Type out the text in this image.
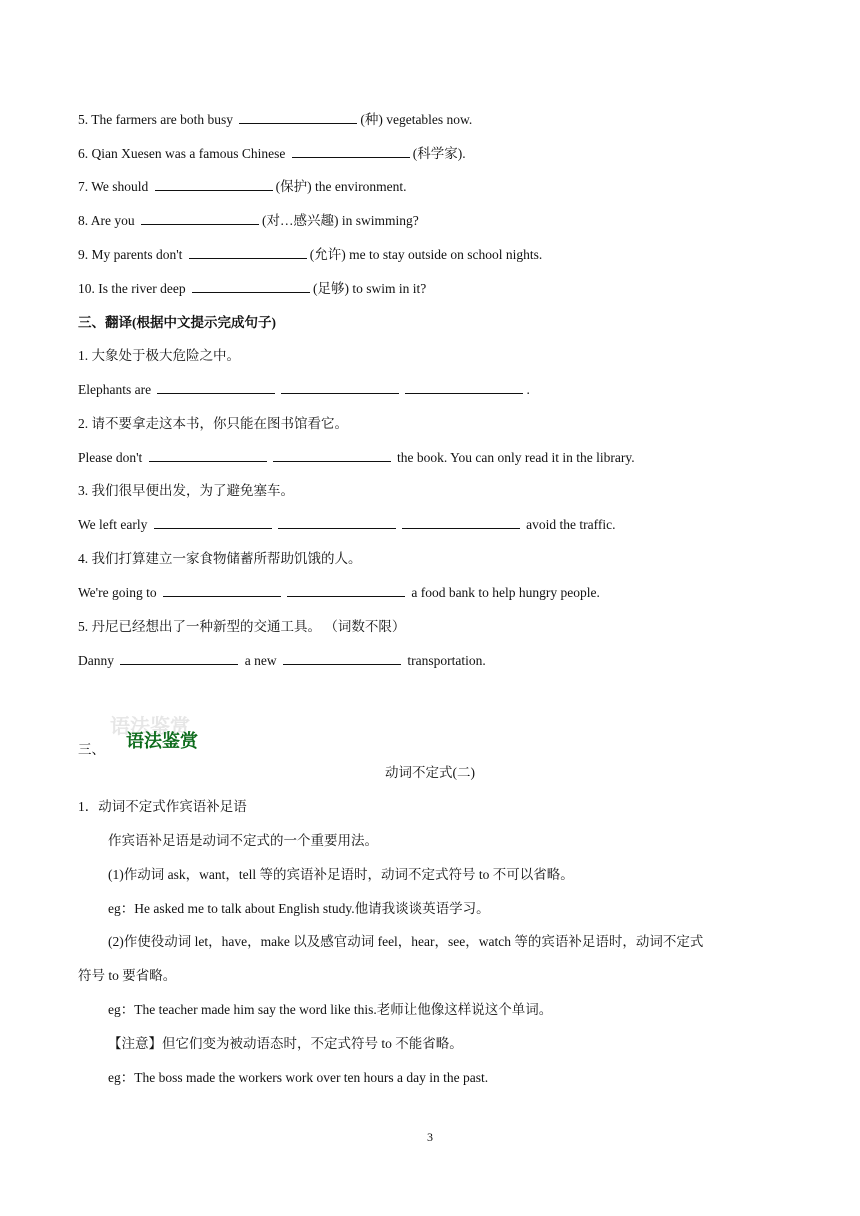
5. The farmers are both busy	(种) vegetables now.
6. Qian Xuesen was a famous Chinese	(科学家).
7. We should	(保护) the environment.
8. Are you	(对…感兴趣) in swimming?
9. My parents don't	(允许) me to stay outside on school nights.
10. Is the river deep	(足够) to swim in it?
三、翻译(根据中文提示完成句子)
1. 大象处于极大危险之中。
Elephants are	.
2. 请不要拿走这本书，你只能在图书馆看它。
Please don't	the book. You can only read it in the library.
3. 我们很早便出发，为了避免塞车。
We left early	avoid the traffic.
4. 我们打算建立一家食物储蓄所帮助饥饿的人。
We're going to	a food bank to help hungry people.
5. 丹尼已经想出了一种新型的交通工具。 （词数不限）
Danny	a new	transportation.
语法鉴赏
三、 语法鉴赏
动词不定式(二)
1．动词不定式作宾语补足语
作宾语补足语是动词不定式的一个重要用法。
(1)作动词 ask，want，tell 等的宾语补足语时，动词不定式符号 to 不可以省略。
eg：He asked me to talk about English study.他请我谈谈英语学习。
(2)作使役动词 let，have，make 以及感官动词 feel，hear，see，watch 等的宾语补足语时，动词不定式
符号 to 要省略。
eg：The teacher made him say the word like this.老师让他像这样说这个单词。
【注意】但它们变为被动语态时，不定式符号 to 不能省略。
eg：The boss made the workers work over ten hours a day in the past.
3
